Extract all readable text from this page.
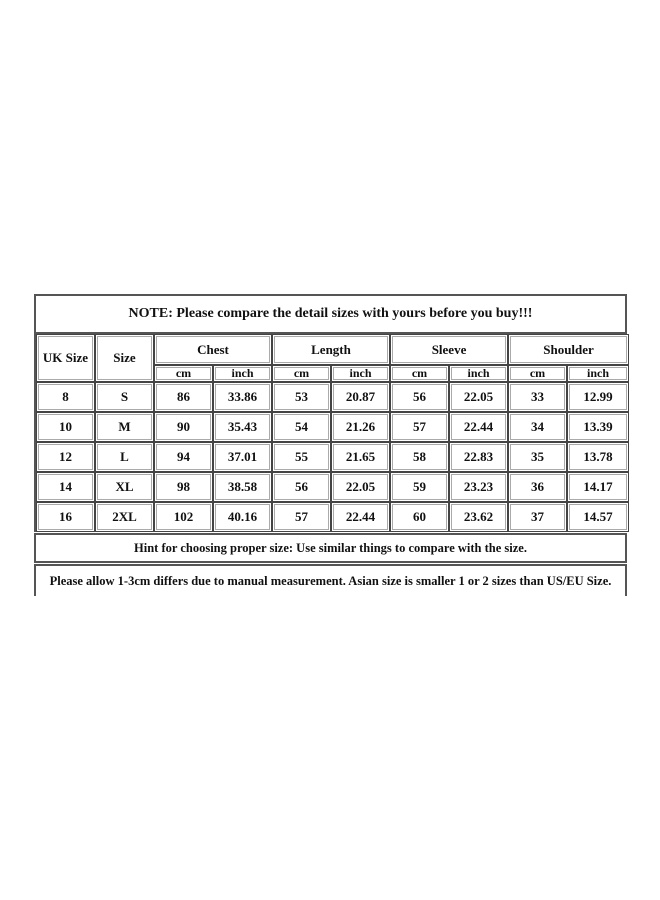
NOTE: Please compare the detail sizes with yours before you buy!!!
UK Size	Size	Chest		Length		Sleeve		Shoulder	
		cm	inch	cm	inch	cm	inch	cm	inch
8	S	86	33.86	53	20.87	56	22.05	33	12.99
10	M	90	35.43	54	21.26	57	22.44	34	13.39
12	L	94	37.01	55	21.65	58	22.83	35	13.78
14	XL	98	38.58	56	22.05	59	23.23	36	14.17
16	2XL	102	40.16	57	22.44	60	23.62	37	14.57
Hint for choosing proper size: Use similar things to compare with the size.
Please allow 1-3cm differs due to manual measurement. Asian size is smaller 1 or 2 sizes than US/EU Size.
